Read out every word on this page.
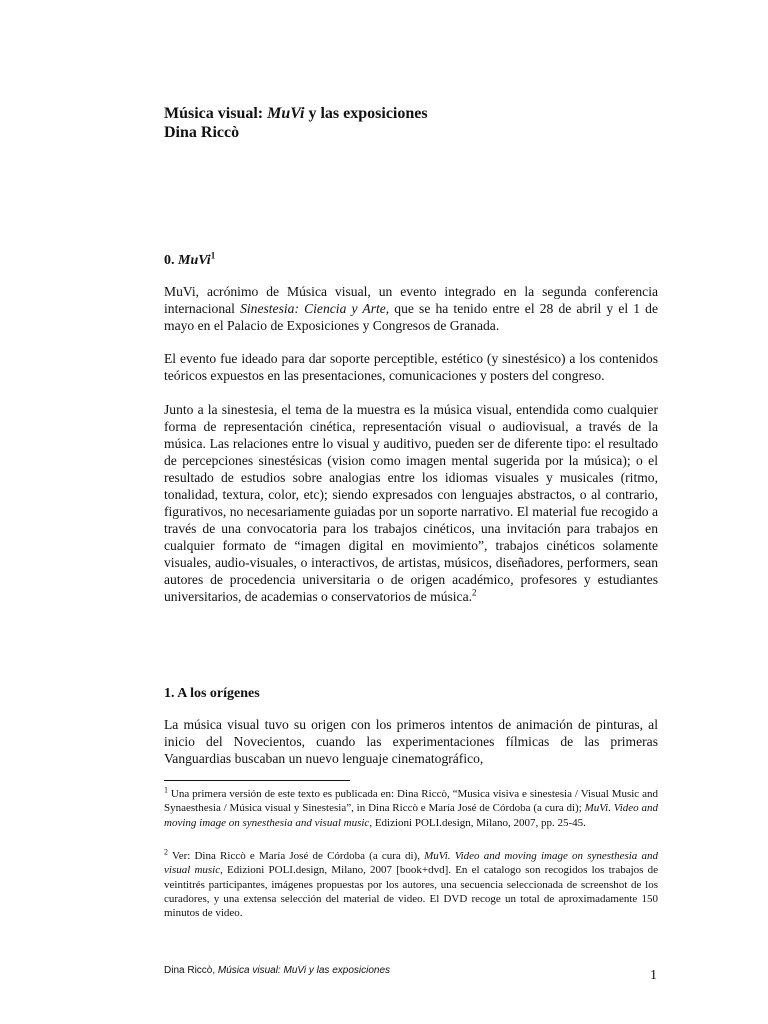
Música visual: MuVi y las exposiciones
Dina Riccò
0. MuVi$^1$
MuVi, acrónimo de Música visual, un evento integrado en la segunda conferencia internacional Sinestesia: Ciencia y Arte, que se ha tenido entre el 28 de abril y el 1 de mayo en el Palacio de Exposiciones y Congresos de Granada.
El evento fue ideado para dar soporte perceptible, estético (y sinestésico) a los contenidos teóricos expuestos en las presentaciones, comunicaciones y posters del congreso.
Junto a la sinestesia, el tema de la muestra es la música visual, entendida como cualquier forma de representación cinética, representación visual o audiovisual, a través de la música. Las relaciones entre lo visual y auditivo, pueden ser de diferente tipo: el resultado de percepciones sinestésicas (vision como imagen mental sugerida por la música); o el resultado de estudios sobre analogias entre los idiomas visuales y musicales (ritmo, tonalidad, textura, color, etc); siendo expresados con lenguajes abstractos, o al contrario, figurativos, no necesariamente guiadas por un soporte narrativo. El material fue recogido a través de una convocatoria para los trabajos cinéticos, una invitación para trabajos en cualquier formato de “imagen digital en movimiento”, trabajos cinéticos solamente visuales, audio-visuales, o interactivos, de artistas, músicos, diseñadores, performers, sean autores de procedencia universitaria o de origen académico, profesores y estudiantes universitarios, de academias o conservatorios de música.$^2$
1. A los orígenes
La música visual tuvo su origen con los primeros intentos de animación de pinturas, al inicio del Novecientos, cuando las experimentaciones fílmicas de las primeras Vanguardias buscaban un nuevo lenguaje cinematográfico,
$^1$ Una primera versión de este texto es publicada en: Dina Riccò, “Musica visiva e sinestesia / Visual Music and Synaesthesia / Música visual y Sinestesia”, in Dina Riccò e María José de Córdoba (a cura di); MuVi. Video and moving image on synesthesia and visual music, Edizioni POLI.design, Milano, 2007, pp. 25-45.
$^2$ Ver: Dina Riccò e María José de Córdoba (a cura di), MuVi. Video and moving image on synesthesia and visual music, Edizioni POLI.design, Milano, 2007 [book+dvd]. En el catalogo son recogidos los trabajos de veintitrés participantes, imágenes propuestas por los autores, una secuencia seleccionada de screenshot de los curadores, y una extensa selección del material de video. El DVD recoge un total de aproximadamente 150 minutos de video.
Dina Riccò, Música visual: MuVi y las exposiciones	1
